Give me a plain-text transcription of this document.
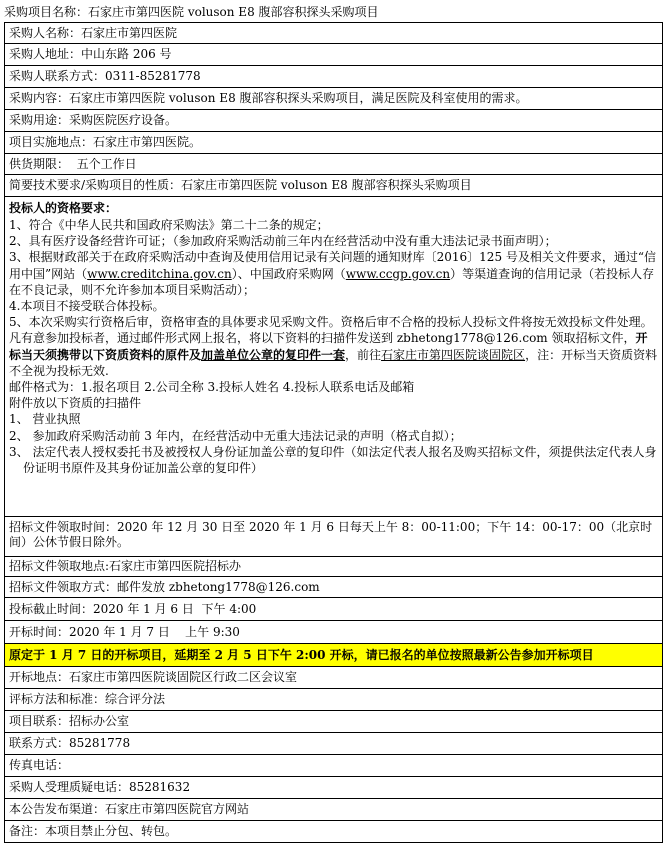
采购项目名称：石家庄市第四医院 voluson E8 腹部容积探头采购项目
采购人名称：石家庄市第四医院
采购人地址：中山东路 206 号
采购人联系方式：0311-85281778
采购内容：石家庄市第四医院 voluson E8 腹部容积探头采购项目，满足医院及科室使用的需求。
采购用途：采购医院医疗设备。
项目实施地点：石家庄市第四医院。
供货期限：  五个工作日
简要技术要求/采购项目的性质：石家庄市第四医院 voluson E8 腹部容积探头采购项目

投标人的资格要求：
1、符合《中华人民共和国政府采购法》第二十二条的规定；
2、具有医疗设备经营许可证；（参加政府采购活动前三年内在经营活动中没有重大违法记录书面声明）；
3、根据财政部关于在政府采购活动中查询及使用信用记录有关问题的通知财库〔2016〕125 号及相关文件要求，通过“信用中国”网站（www.creditchina.gov.cn）、中国政府采购网（www.ccgp.gov.cn）等渠道查询的信用记录（若投标人存在不良记录，则不允许参加本项目采购活动）；
4.本项目不接受联合体投标。
5、本次采购实行资格后审，资格审查的具体要求见采购文件。资格后审不合格的投标人投标文件将按无效投标文件处理。
凡有意参加投标者，通过邮件形式网上报名，将以下资料的扫描件发送到 zbhetong1778@126.com 领取招标文件，开标当天须携带以下资质资料的原件及加盖单位公章的复印件一套，前往石家庄市第四医院谈固院区，注：开标当天资质资料不全视为投标无效.
邮件格式为：1.报名项目 2.公司全称 3.投标人姓名 4.投标人联系电话及邮箱
附件放以下资质的扫描件
1、 营业执照
2、 参加政府采购活动前 3 年内，在经营活动中无重大违法记录的声明（格式自拟）；
3、 法定代表人授权委托书及被授权人身份证加盖公章的复印件（如法定代表人报名及购买招标文件，须提供法定代表人身份证明书原件及其身份证加盖公章的复印件）

招标文件领取时间：2020 年 12 月 30 日至 2020 年 1 月 6 日每天上午 8：00-11:00；下午 14：00-17：00（北京时间）公休节假日除外。
招标文件领取地点:石家庄市第四医院招标办
招标文件领取方式：邮件发放 zbhetong1778@126.com
投标截止时间：2020 年 1 月 6 日  下午 4:00
开标时间：2020 年 1 月 7 日    上午 9:30
原定于 1 月 7 日的开标项目，延期至 2 月 5 日下午 2:00 开标，请已报名的单位按照最新公告参加开标项目
开标地点：石家庄市第四医院谈固院区行政二区会议室
评标方法和标准：综合评分法
项目联系：招标办公室
联系方式：85281778
传真电话：
采购人受理质疑电话：85281632
本公告发布渠道：石家庄市第四医院官方网站
备注：本项目禁止分包、转包。
